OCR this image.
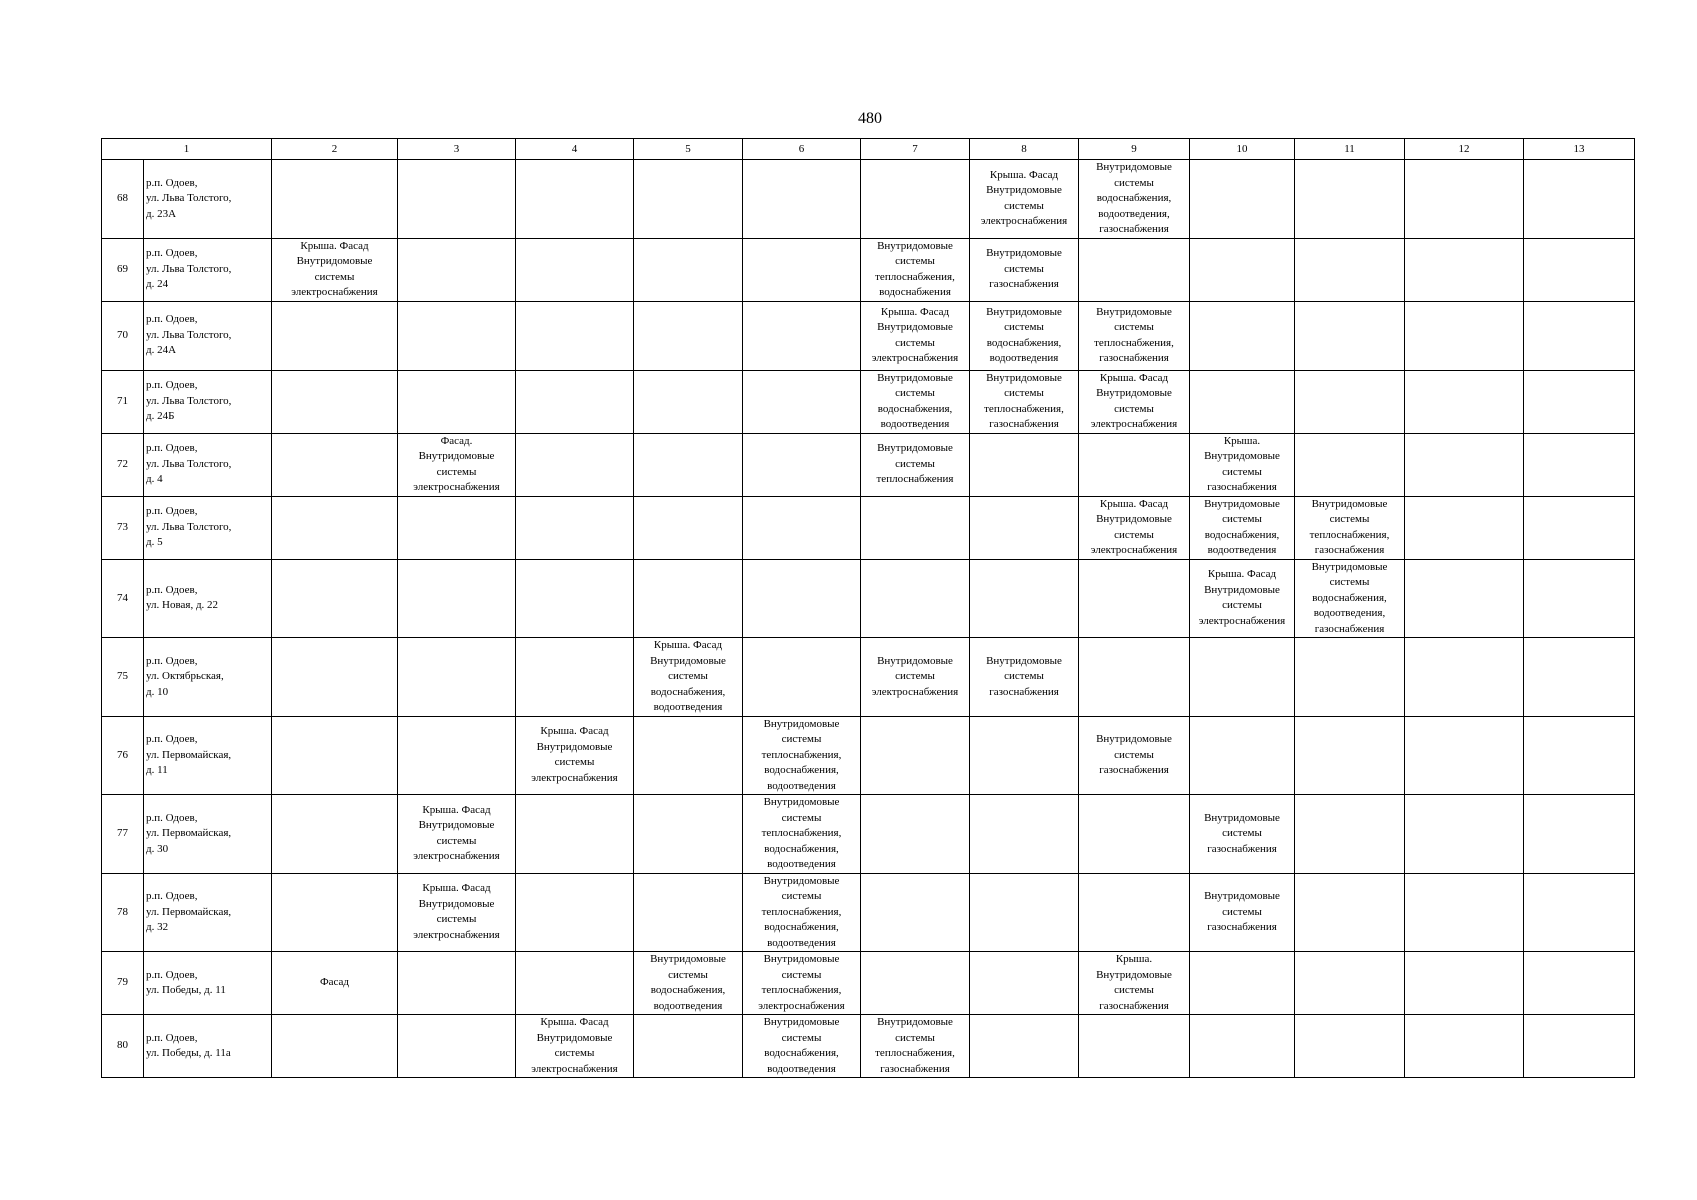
480
1		2	3	4	5	6	7	8	9	10	11	12	13
68	р.п. Одоев,
ул. Льва Толстого,
д. 23А							Крыша. Фасад
Внутридомовые
системы
электроснабжения	Внутридомовые
системы
водоснабжения,
водоотведения,
газоснабжения				
69	р.п. Одоев,
ул. Льва Толстого,
д. 24	Крыша. Фасад
Внутридомовые
системы
электроснабжения					Внутридомовые
системы
теплоснабжения,
водоснабжения	Внутридомовые
системы
газоснабжения					
70	р.п. Одоев,
ул. Льва Толстого,
д. 24А						Крыша. Фасад
Внутридомовые
системы
электроснабжения	Внутридомовые
системы
водоснабжения,
водоотведения	Внутридомовые
системы
теплоснабжения,
газоснабжения				
71	р.п. Одоев,
ул. Льва Толстого,
д. 24Б						Внутридомовые
системы
водоснабжения,
водоотведения	Внутридомовые
системы
теплоснабжения,
газоснабжения	Крыша. Фасад
Внутридомовые
системы
электроснабжения				
72	р.п. Одоев,
ул. Льва Толстого,
д. 4		Фасад.
Внутридомовые
системы
электроснабжения				Внутридомовые
системы
теплоснабжения			Крыша.
Внутридомовые
системы
газоснабжения			
73	р.п. Одоев,
ул. Льва Толстого,
д. 5								Крыша. Фасад
Внутридомовые
системы
электроснабжения	Внутридомовые
системы
водоснабжения,
водоотведения	Внутридомовые
системы
теплоснабжения,
газоснабжения		
74	р.п. Одоев,
ул. Новая, д. 22									Крыша. Фасад
Внутридомовые
системы
электроснабжения	Внутридомовые
системы
водоснабжения,
водоотведения,
газоснабжения		
75	р.п. Одоев,
ул. Октябрьская,
д. 10				Крыша. Фасад
Внутридомовые
системы
водоснабжения,
водоотведения		Внутридомовые
системы
электроснабжения	Внутридомовые
системы
газоснабжения					
76	р.п. Одоев,
ул. Первомайская,
д. 11			Крыша. Фасад
Внутридомовые
системы
электроснабжения		Внутридомовые
системы
теплоснабжения,
водоснабжения,
водоотведения			Внутридомовые
системы
газоснабжения				
77	р.п. Одоев,
ул. Первомайская,
д. 30		Крыша. Фасад
Внутридомовые
системы
электроснабжения			Внутридомовые
системы
теплоснабжения,
водоснабжения,
водоотведения				Внутридомовые
системы
газоснабжения			
78	р.п. Одоев,
ул. Первомайская,
д. 32		Крыша. Фасад
Внутридомовые
системы
электроснабжения			Внутридомовые
системы
теплоснабжения,
водоснабжения,
водоотведения				Внутридомовые
системы
газоснабжения			
79	р.п. Одоев,
ул. Победы, д. 11	Фасад			Внутридомовые
системы
водоснабжения,
водоотведения	Внутридомовые
системы
теплоснабжения,
электроснабжения			Крыша.
Внутридомовые
системы
газоснабжения				
80	р.п. Одоев,
ул. Победы, д. 11а			Крыша. Фасад
Внутридомовые
системы
электроснабжения		Внутридомовые
системы
водоснабжения,
водоотведения	Внутридомовые
системы
теплоснабжения,
газоснабжения						
